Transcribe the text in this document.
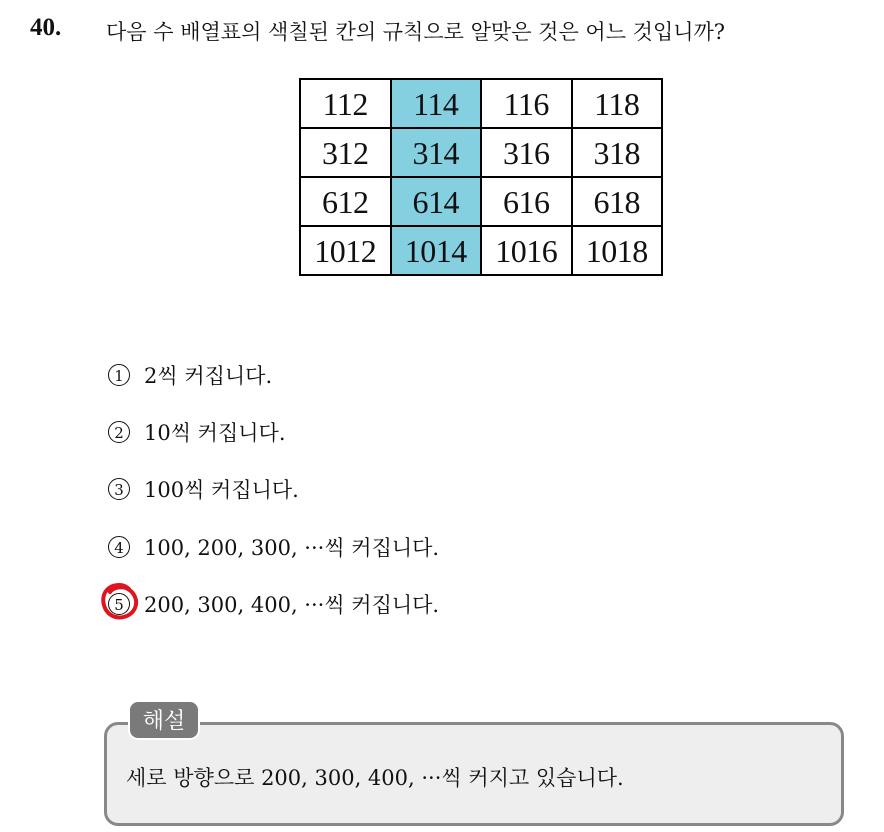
40. 다음 수 배열표의 색칠된 칸의 규칙으로 알맞은 것은 어느 것입니까?
112	114	116	118
312	314	316	318
612	614	616	618
1012	1014	1016	1018
1 2씩 커집니다.
2 10씩 커집니다.
3 100씩 커집니다.
4 100, 200, 300, ···씩 커집니다.
5 200, 300, 400, ···씩 커집니다.
해설
세로 방향으로 200, 300, 400, ···씩 커지고 있습니다.
